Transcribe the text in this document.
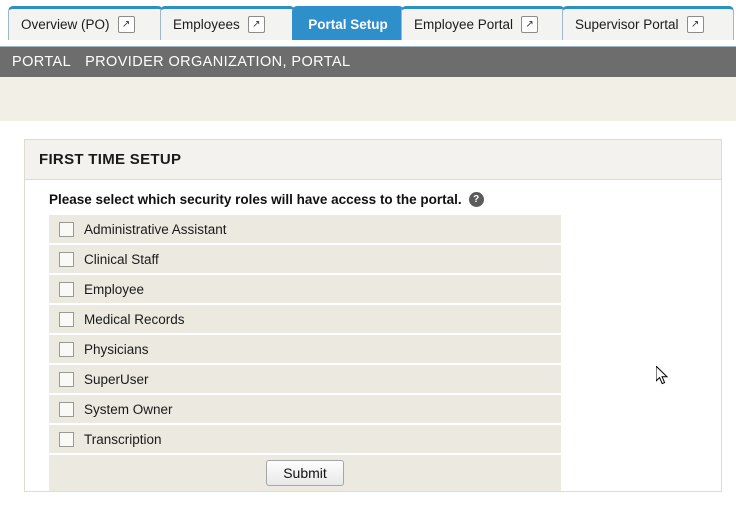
Overview (PO)	↗	Employees	↗	Portal Setup Employee Portal	↗	Supervisor Portal	↗
PORTAL PROVIDER ORGANIZATION, PORTAL
FIRST TIME SETUP
Please select which security roles will have access to the portal.	?
Administrative Assistant
Clinical Staff
Employee
Medical Records
Physicians
SuperUser
System Owner
Transcription
Submit
